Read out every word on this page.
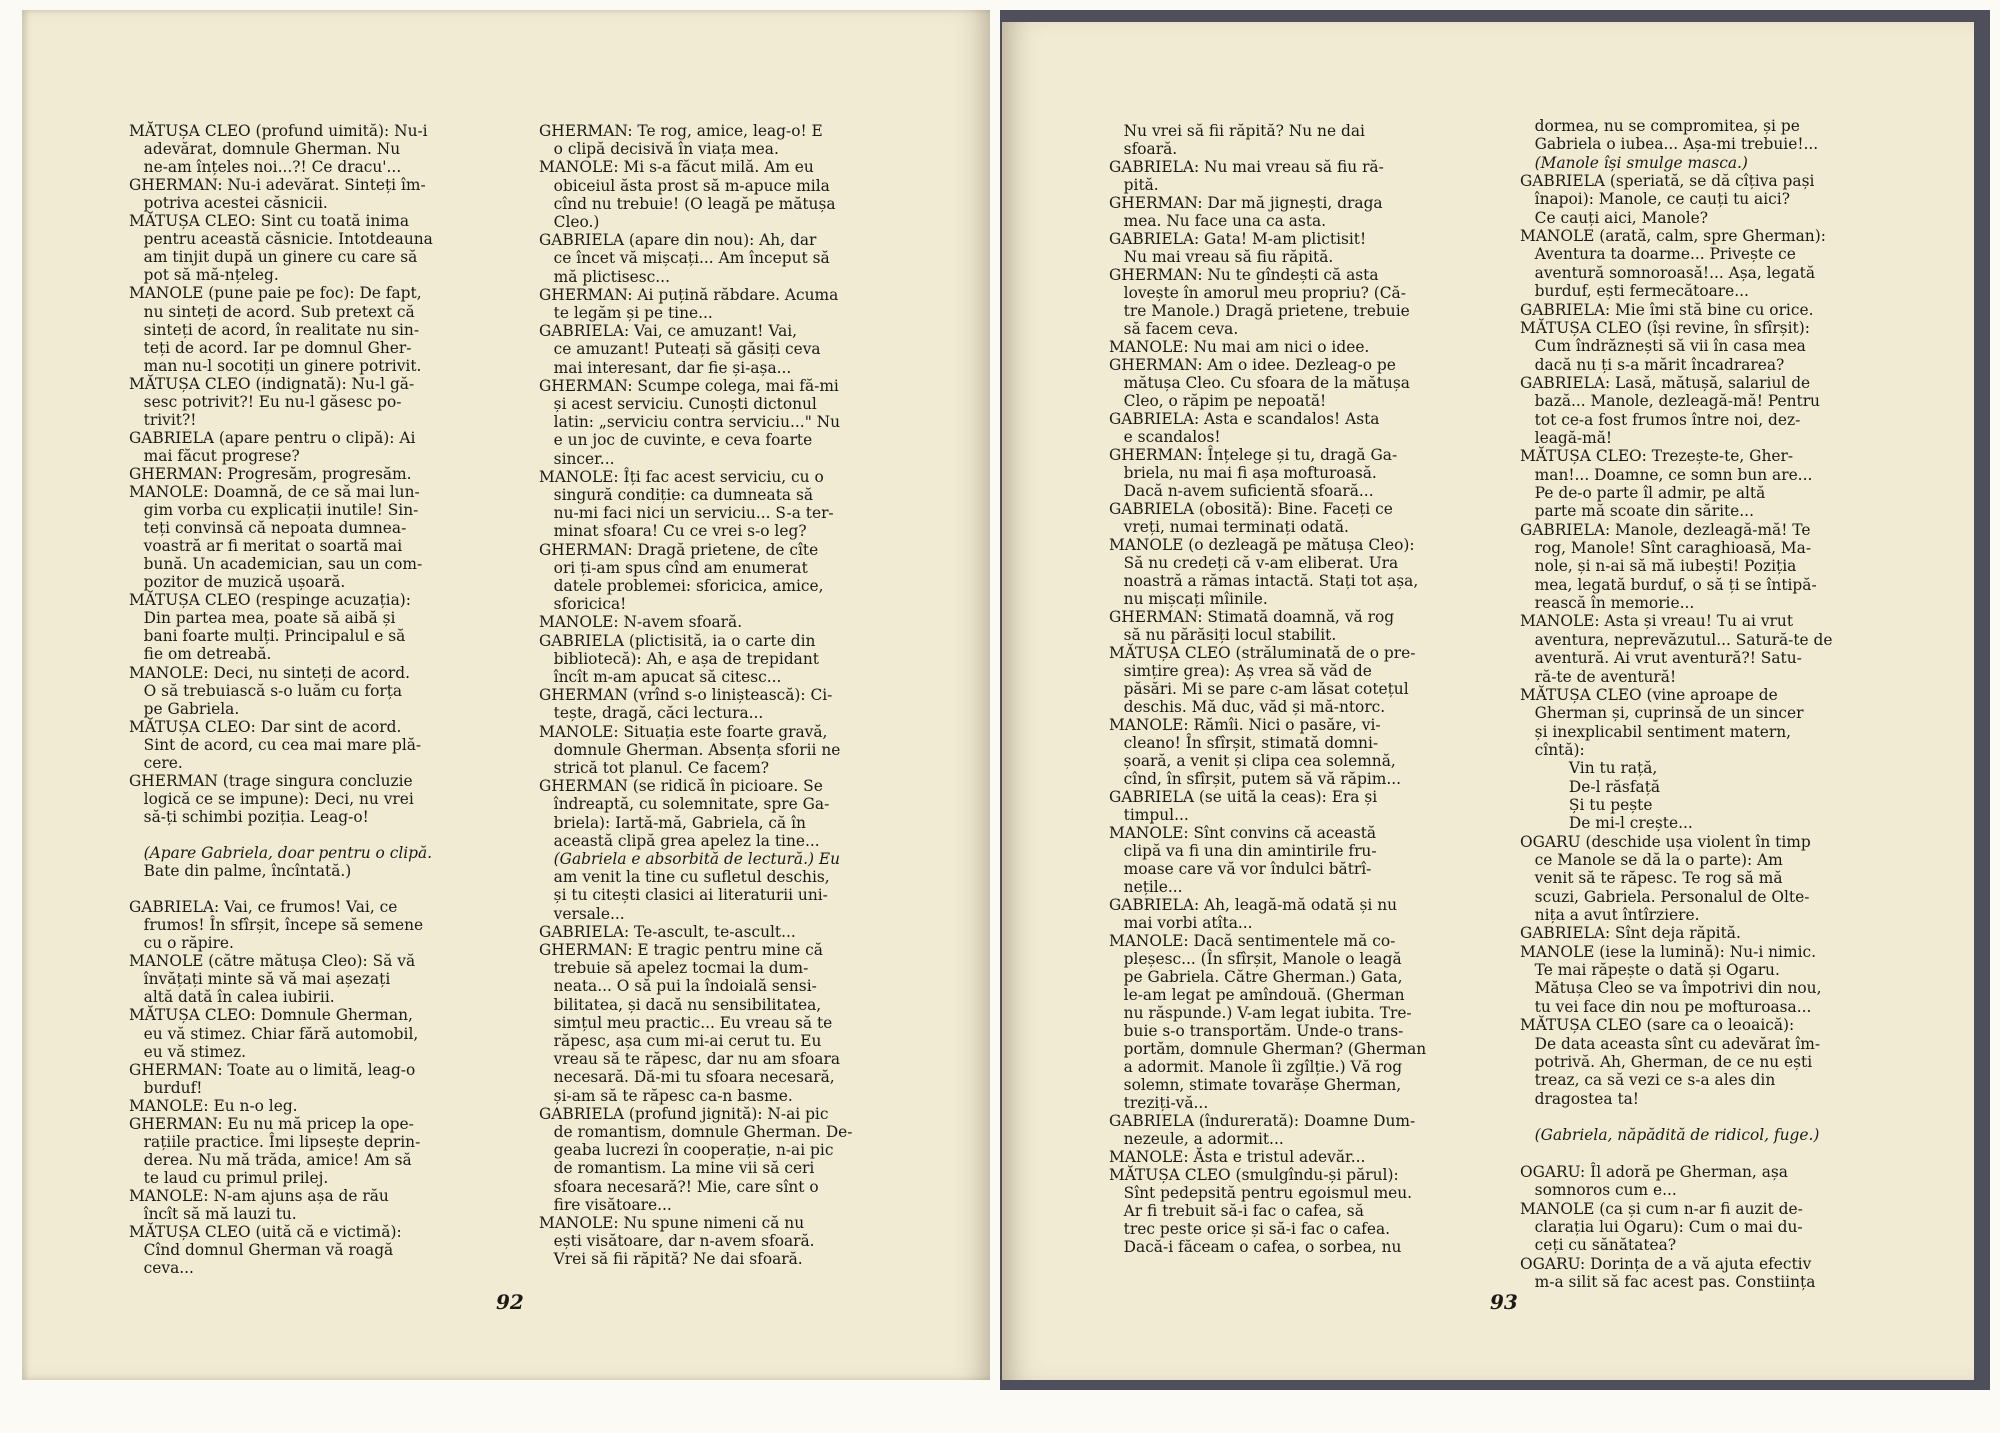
MĂTUȘA CLEO (profund uimită): Nu-i
adevărat, domnule Gherman. Nu
ne-am înțeles noi...?! Ce dracu'...
GHERMAN: Nu-i adevărat. Sinteți îm-
potriva acestei căsnicii.
MĂTUȘA CLEO: Sint cu toată inima
pentru această căsnicie. Intotdeauna
am tinjit după un ginere cu care să
pot să mă-nțeleg.
MANOLE (pune paie pe foc): De fapt,
nu sinteți de acord. Sub pretext că
sinteți de acord, în realitate nu sin-
teți de acord. Iar pe domnul Gher-
man nu-l socotiți un ginere potrivit.
MĂTUȘA CLEO (indignată): Nu-l gă-
sesc potrivit?! Eu nu-l găsesc po-
trivit?!
GABRIELA (apare pentru o clipă): Ai
mai făcut progrese?
GHERMAN: Progresăm, progresăm.
MANOLE: Doamnă, de ce să mai lun-
gim vorba cu explicații inutile! Sin-
teți convinsă că nepoata dumnea-
voastră ar fi meritat o soartă mai
bună. Un academician, sau un com-
pozitor de muzică ușoară.
MĂTUȘA CLEO (respinge acuzația):
Din partea mea, poate să aibă și
bani foarte mulți. Principalul e să
fie om detreabă.
MANOLE: Deci, nu sinteți de acord.
O să trebuiască s-o luăm cu forța
pe Gabriela.
MĂTUȘA CLEO: Dar sint de acord.
Sint de acord, cu cea mai mare plă-
cere.
GHERMAN (trage singura concluzie
logică ce se impune): Deci, nu vrei
să-ți schimbi poziția. Leag-o!
(Apare Gabriela, doar pentru o clipă.
Bate din palme, încîntată.)
GABRIELA: Vai, ce frumos! Vai, ce
frumos! În sfîrșit, începe să semene
cu o răpire.
MANOLE (către mătușa Cleo): Să vă
învățați minte să vă mai așezați
altă dată în calea iubirii.
MĂTUȘA CLEO: Domnule Gherman,
eu vă stimez. Chiar fără automobil,
eu vă stimez.
GHERMAN: Toate au o limită, leag-o
burduf!
MANOLE: Eu n-o leg.
GHERMAN: Eu nu mă pricep la ope-
rațiile practice. Îmi lipsește deprin-
derea. Nu mă trăda, amice! Am să
te laud cu primul prilej.
MANOLE: N-am ajuns așa de rău
încît să mă lauzi tu.
MĂTUȘA CLEO (uită că e victimă):
Cînd domnul Gherman vă roagă
ceva...
GHERMAN: Te rog, amice, leag-o! E
o clipă decisivă în viața mea.
MANOLE: Mi s-a făcut milă. Am eu
obiceiul ăsta prost să m-apuce mila
cînd nu trebuie! (O leagă pe mătușa
Cleo.)
GABRIELA (apare din nou): Ah, dar
ce încet vă mișcați... Am început să
mă plictisesc...
GHERMAN: Ai puțină răbdare. Acuma
te legăm și pe tine...
GABRIELA: Vai, ce amuzant! Vai,
ce amuzant! Puteați să găsiți ceva
mai interesant, dar fie și-așa...
GHERMAN: Scumpe colega, mai fă-mi
și acest serviciu. Cunoști dictonul
latin: „serviciu contra serviciu..." Nu
e un joc de cuvinte, e ceva foarte
sincer...
MANOLE: Îți fac acest serviciu, cu o
singură condiție: ca dumneata să
nu-mi faci nici un serviciu... S-a ter-
minat sfoara! Cu ce vrei s-o leg?
GHERMAN: Dragă prietene, de cîte
ori ți-am spus cînd am enumerat
datele problemei: sforicica, amice,
sforicica!
MANOLE: N-avem sfoară.
GABRIELA (plictisită, ia o carte din
bibliotecă): Ah, e așa de trepidant
încît m-am apucat să citesc...
GHERMAN (vrînd s-o liniștească): Ci-
tește, dragă, căci lectura...
MANOLE: Situația este foarte gravă,
domnule Gherman. Absența sforii ne
strică tot planul. Ce facem?
GHERMAN (se ridică în picioare. Se
îndreaptă, cu solemnitate, spre Ga-
briela): Iartă-mă, Gabriela, că în
această clipă grea apelez la tine...
(Gabriela e absorbită de lectură.) Eu
am venit la tine cu sufletul deschis,
și tu citești clasici ai literaturii uni-
versale...
GABRIELA: Te-ascult, te-ascult...
GHERMAN: E tragic pentru mine că
trebuie să apelez tocmai la dum-
neata... O să pui la îndoială sensi-
bilitatea, și dacă nu sensibilitatea,
simțul meu practic... Eu vreau să te
răpesc, așa cum mi-ai cerut tu. Eu
vreau să te răpesc, dar nu am sfoara
necesară. Dă-mi tu sfoara necesară,
și-am să te răpesc ca-n basme.
GABRIELA (profund jignită): N-ai pic
de romantism, domnule Gherman. De-
geaba lucrezi în cooperație, n-ai pic
de romantism. La mine vii să ceri
sfoara necesară?! Mie, care sînt o
fire visătoare...
MANOLE: Nu spune nimeni că nu
ești visătoare, dar n-avem sfoară.
Vrei să fii răpită? Ne dai sfoară.
92
Nu vrei să fii răpită? Nu ne dai
sfoară.
GABRIELA: Nu mai vreau să fiu ră-
pită.
GHERMAN: Dar mă jignești, draga
mea. Nu face una ca asta.
GABRIELA: Gata! M-am plictisit!
Nu mai vreau să fiu răpită.
GHERMAN: Nu te gîndești că asta
lovește în amorul meu propriu? (Că-
tre Manole.) Dragă prietene, trebuie
să facem ceva.
MANOLE: Nu mai am nici o idee.
GHERMAN: Am o idee. Dezleag-o pe
mătușa Cleo. Cu sfoara de la mătușa
Cleo, o răpim pe nepoată!
GABRIELA: Asta e scandalos! Asta
e scandalos!
GHERMAN: Înțelege și tu, dragă Ga-
briela, nu mai fi așa mofturoasă.
Dacă n-avem suficientă sfoară...
GABRIELA (obosită): Bine. Faceți ce
vreți, numai terminați odată.
MANOLE (o dezleagă pe mătușa Cleo):
Să nu credeți că v-am eliberat. Ura
noastră a rămas intactă. Stați tot așa,
nu mișcați mîinile.
GHERMAN: Stimată doamnă, vă rog
să nu părăsiți locul stabilit.
MĂTUȘA CLEO (străluminată de o pre-
simțire grea): Aș vrea să văd de
păsări. Mi se pare c-am lăsat cotețul
deschis. Mă duc, văd și mă-ntorc.
MANOLE: Rămîi. Nici o pasăre, vi-
cleano! În sfîrșit, stimată domni-
șoară, a venit și clipa cea solemnă,
cînd, în sfîrșit, putem să vă răpim...
GABRIELA (se uită la ceas): Era și
timpul...
MANOLE: Sînt convins că această
clipă va fi una din amintirile fru-
moase care vă vor îndulci bătrî-
nețile...
GABRIELA: Ah, leagă-mă odată și nu
mai vorbi atîta...
MANOLE: Dacă sentimentele mă co-
pleșesc... (În sfîrșit, Manole o leagă
pe Gabriela. Către Gherman.) Gata,
le-am legat pe amîndouă. (Gherman
nu răspunde.) V-am legat iubita. Tre-
buie s-o transportăm. Unde-o trans-
portăm, domnule Gherman? (Gherman
a adormit. Manole îi zgîlție.) Vă rog
solemn, stimate tovarășe Gherman,
treziți-vă...
GABRIELA (îndurerată): Doamne Dum-
nezeule, a adormit...
MANOLE: Ăsta e tristul adevăr...
MĂTUȘA CLEO (smulgîndu-și părul):
Sînt pedepsită pentru egoismul meu.
Ar fi trebuit să-i fac o cafea, să
trec peste orice și să-i fac o cafea.
Dacă-i făceam o cafea, o sorbea, nu
dormea, nu se compromitea, și pe
Gabriela o iubea... Așa-mi trebuie!...
(Manole își smulge masca.)
GABRIELA (speriată, se dă cîțiva pași
înapoi): Manole, ce cauți tu aici?
Ce cauți aici, Manole?
MANOLE (arată, calm, spre Gherman):
Aventura ta doarme... Privește ce
aventură somnoroasă!... Așa, legată
burduf, ești fermecătoare...
GABRIELA: Mie îmi stă bine cu orice.
MĂTUȘA CLEO (își revine, în sfîrșit):
Cum îndrăznești să vii în casa mea
dacă nu ți s-a mărit încadrarea?
GABRIELA: Lasă, mătușă, salariul de
bază... Manole, dezleagă-mă! Pentru
tot ce-a fost frumos între noi, dez-
leagă-mă!
MĂTUȘA CLEO: Trezește-te, Gher-
man!... Doamne, ce somn bun are...
Pe de-o parte îl admir, pe altă
parte mă scoate din sărite...
GABRIELA: Manole, dezleagă-mă! Te
rog, Manole! Sînt caraghioasă, Ma-
nole, și n-ai să mă iubești! Poziția
mea, legată burduf, o să ți se întipă-
rească în memorie...
MANOLE: Asta și vreau! Tu ai vrut
aventura, neprevăzutul... Satură-te de
aventură. Ai vrut aventură?! Satu-
ră-te de aventură!
MĂTUȘA CLEO (vine aproape de
Gherman și, cuprinsă de un sincer
și inexplicabil sentiment matern,
cîntă):
Vin tu rață,
De-l răsfață
Și tu pește
De mi-l crește...
OGARU (deschide ușa violent în timp
ce Manole se dă la o parte): Am
venit să te răpesc. Te rog să mă
scuzi, Gabriela. Personalul de Olte-
nița a avut întîrziere.
GABRIELA: Sînt deja răpită.
MANOLE (iese la lumină): Nu-i nimic.
Te mai răpește o dată și Ogaru.
Mătușa Cleo se va împotrivi din nou,
tu vei face din nou pe mofturoasa...
MĂTUȘA CLEO (sare ca o leoaică):
De data aceasta sînt cu adevărat îm-
potrivă. Ah, Gherman, de ce nu ești
treaz, ca să vezi ce s-a ales din
dragostea ta!
(Gabriela, năpădită de ridicol, fuge.)
OGARU: Îl adoră pe Gherman, așa
somnoros cum e...
MANOLE (ca și cum n-ar fi auzit de-
clarația lui Ogaru): Cum o mai du-
ceți cu sănătatea?
OGARU: Dorința de a vă ajuta efectiv
m-a silit să fac acest pas. Constiința
93
